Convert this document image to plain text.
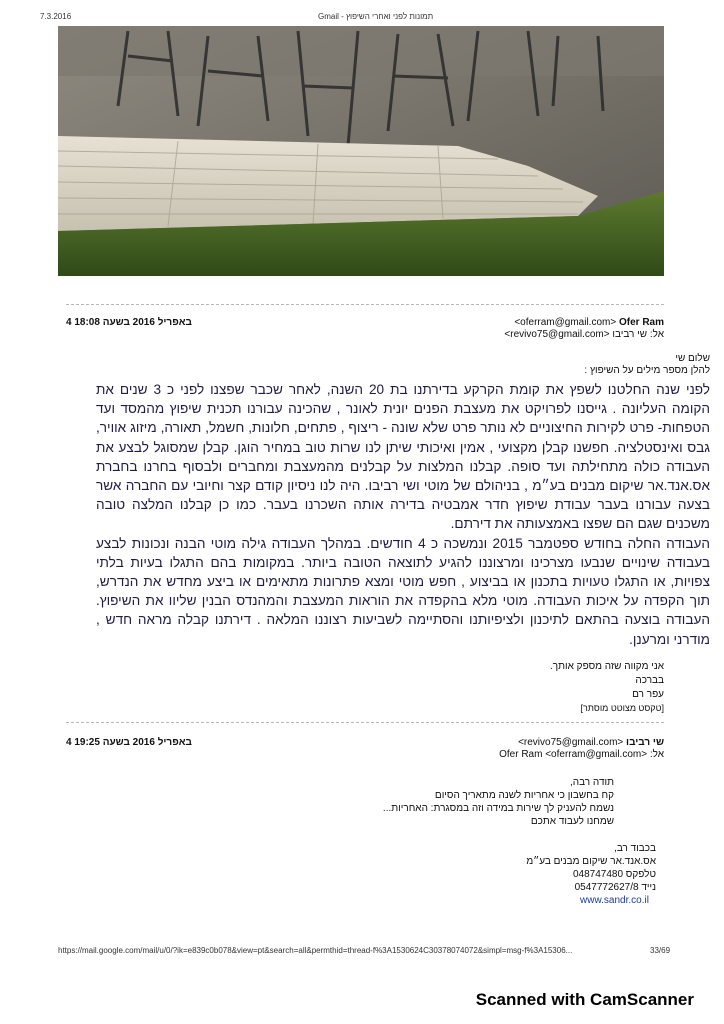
7.3.2016	Gmail - תמונות לפני ואחרי השיפוץ
4 באפריל 2016 בשעה 18:08	Ofer Ram <oferram@gmail.com>
אל: שי רביבו <revivo75@gmail.com>
שלום שי
להלן מספר מילים על השיפוץ :

לפני שנה החלטנו לשפץ את קומת הקרקע בדירתנו בת 20 השנה, לאחר שכבר שפצנו לפני כ 3 שנים את הקומה העליונה . גייסנו לפרויקט את מעצבת הפנים יונית לאונר , שהכינה עבורנו תכנית שיפוץ מהמסד ועד הטפחות- פרט לקירות החיצוניים לא נותר פרט שלא שונה - ריצוף , פתחים, חלונות, חשמל, תאורה, מיזוג אוויר, גבס ואינסטלציה. חפשנו קבלן מקצועי , אמין ואיכותי שיתן לנו שרות טוב במחיר הוגן. קבלן שמסוגל לבצע את העבודה כולה מתחילתה ועד סופה. קבלנו המלצות על קבלנים מהמעצבת ומחברים ולבסוף בחרנו בחברת אס.אנד.אר שיקום מבנים בע״מ , בניהולם של מוטי ושי רביבו. היה לנו ניסיון קודם קצר וחיובי עם החברה אשר בצעה עבורנו בעבר עבודת שיפוץ חדר אמבטיה בדירה אותה השכרנו בעבר. כמו כן קבלנו המלצה טובה משכנים שגם הם שפצו באמצעותה את דירתם.

העבודה החלה בחודש ספטמבר 2015 ונמשכה כ 4 חודשים. במהלך העבודה גילה מוטי הבנה ונכונות לבצע בעבודה שינויים שנבעו מצרכינו ומרצוננו להגיע לתוצאה הטובה ביותר. במקומות בהם התגלו בעיות בלתי צפויות, או התגלו טעויות בתכנון או בביצוע , חפש מוטי ומצא פתרונות מתאימים או ביצע מחדש את הנדרש, תוך הקפדה על איכות העבודה. מוטי מלא בהקפדה את הוראות המעצבת והמהנדס הבנין שליוו את השיפוץ. העבודה בוצעה בהתאם לתיכנון ולציפיותנו והסתיימה לשביעות רצוננו המלאה . דירתנו קבלה מראה חדש , מודרני ומרענן.

אני מקווה שזה מספק אותך.
בברכה
עפר רם
[טקסט מצוטט מוסתר]
4 באפריל 2016 בשעה 19:25	שי רביבו <revivo75@gmail.com>
אל: Ofer Ram <oferram@gmail.com>
תודה רבה,
קח בחשבון כי אחריות לשנה מתאריך הסיום
נשמח להעניק לך שירות במידה וזה במסגרת: האחריות...
שמחנו לעבוד אתכם
בכבוד רב,
אס.אנד.אר שיקום מבנים בע״מ
טלפקס 048747480
נייד 0547772627/8
www.sandr.co.il
https://mail.google.com/mail/u/0/?ik=e839c0b078&view=pt&search=all&permthid=thread-f%3A1530624C30378074072&simpl=msg-f%3A15306...	33/69
Scanned with CamScanner
